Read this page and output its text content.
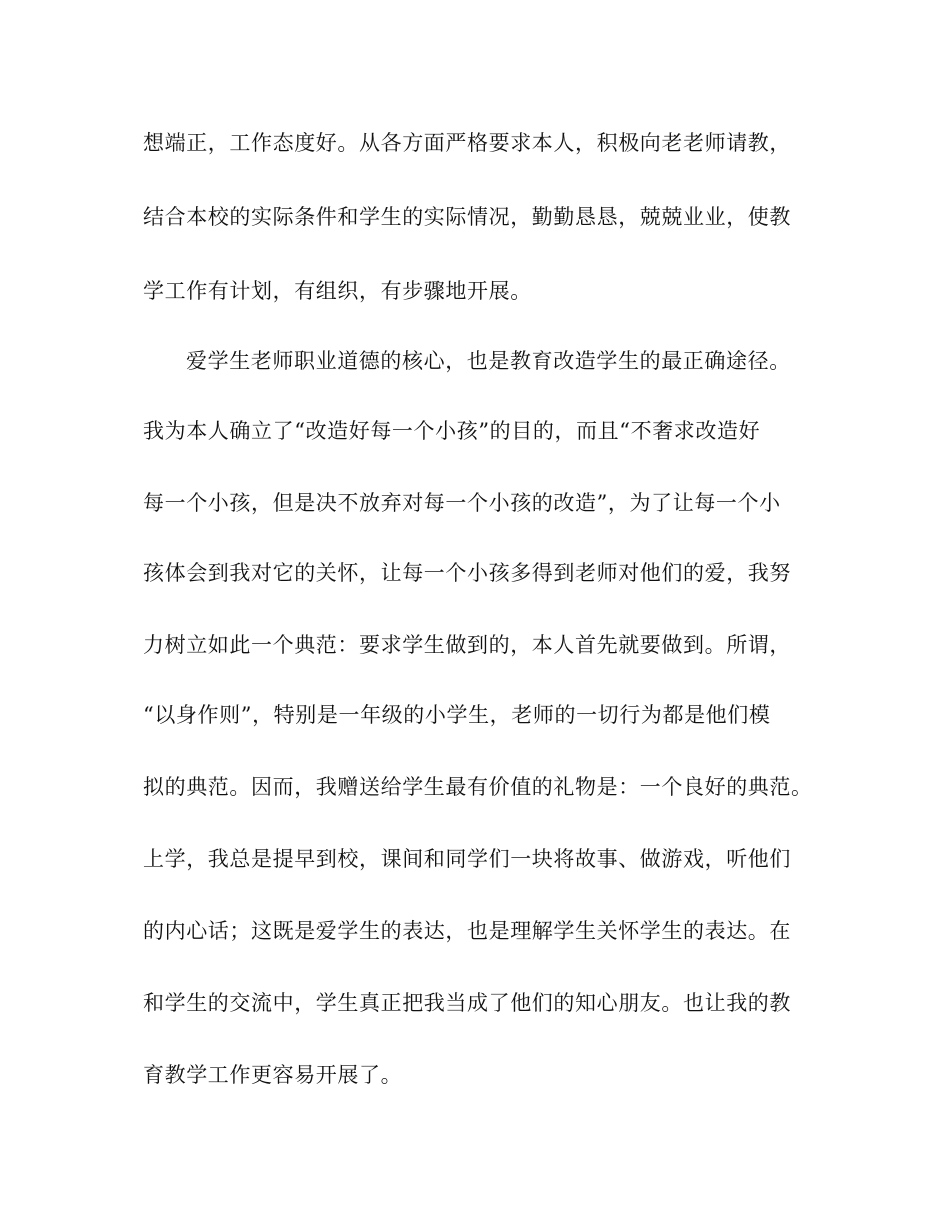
想端正，工作态度好。从各方面严格要求本人，积极向老老师请教，
结合本校的实际条件和学生的实际情况，勤勤恳恳，兢兢业业，使教
学工作有计划，有组织，有步骤地开展。
爱学生老师职业道德的核心，也是教育改造学生的最正确途径。
我为本人确立了“改造好每一个小孩”的目的，而且“不奢求改造好
每一个小孩，但是决不放弃对每一个小孩的改造”，为了让每一个小
孩体会到我对它的关怀，让每一个小孩多得到老师对他们的爱，我努
力树立如此一个典范：要求学生做到的，本人首先就要做到。所谓，
“以身作则”，特别是一年级的小学生，老师的一切行为都是他们模
拟的典范。因而，我赠送给学生最有价值的礼物是：一个良好的典范。
上学，我总是提早到校，课间和同学们一块将故事、做游戏，听他们
的内心话；这既是爱学生的表达，也是理解学生关怀学生的表达。在
和学生的交流中，学生真正把我当成了他们的知心朋友。也让我的教
育教学工作更容易开展了。
